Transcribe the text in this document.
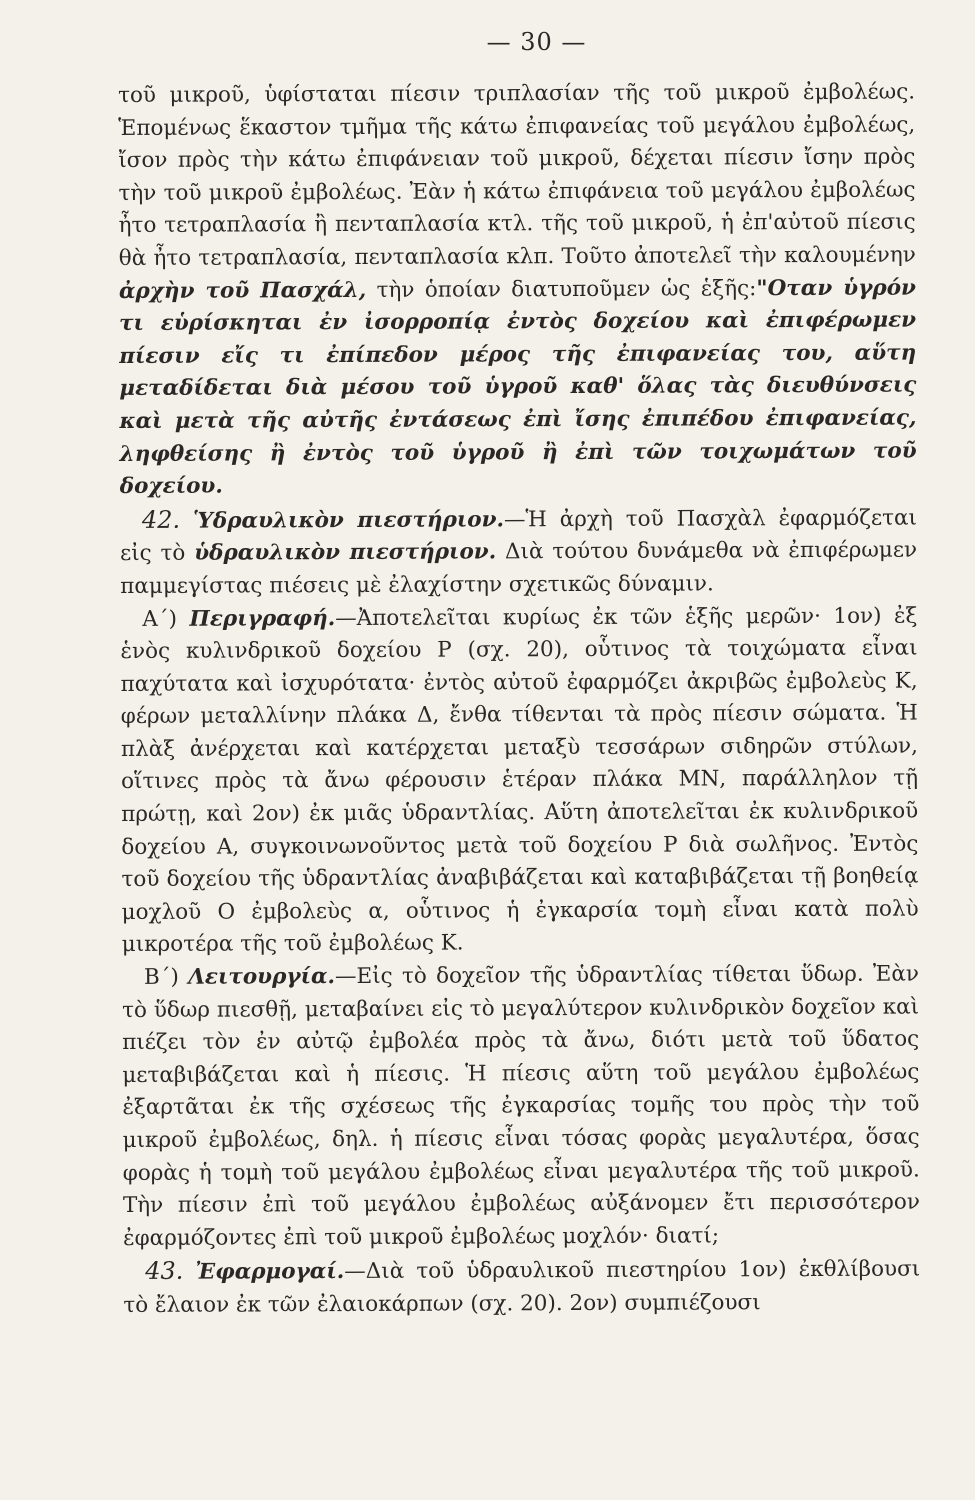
— 30 —

τοῦ μικροῦ, ὑφίσταται πίεσιν τριπλασίαν τῆς τοῦ μικροῦ ἐμβολέως. Ἑπομένως ἕκαστον τμῆμα τῆς κάτω ἐπιφανείας τοῦ μεγάλου ἐμβολέως, ἴσον πρὸς τὴν κάτω ἐπιφάνειαν τοῦ μικροῦ, δέχεται πίεσιν ἴσην πρὸς τὴν τοῦ μικροῦ ἐμβολέως. Ἐὰν ἡ κάτω ἐπιφάνεια τοῦ μεγάλου ἐμβολέως ἦτο τετραπλασία ἢ πενταπλασία κτλ. τῆς τοῦ μικροῦ, ἡ ἐπ'αὐτοῦ πίεσις θὰ ἦτο τετραπλασία, πενταπλασία κλπ. Τοῦτο ἀποτελεῖ τὴν καλουμένην ἀρχὴν τοῦ Πασχάλ, τὴν ὁποίαν διατυποῦμεν ὡς ἑξῆς:"Οταν ὑγρόν τι εὑρίσκηται ἐν ἰσορροπίᾳ ἐντὸς δοχείου καὶ ἐπιφέρωμεν πίεσιν εἴς τι ἐπίπεδον μέρος τῆς ἐπιφανείας του, αὕτη μεταδίδεται διὰ μέσου τοῦ ὑγροῦ καθ' ὅλας τὰς διευθύνσεις καὶ μετὰ τῆς αὐτῆς ἐντάσεως ἐπὶ ἴσης ἐπιπέδου ἐπιφανείας, ληφθείσης ἢ ἐντὸς τοῦ ὑγροῦ ἢ ἐπὶ τῶν τοιχωμάτων τοῦ δοχείου.

42. Ὑδραυλικὸν πιεστήριον.—Ἡ ἀρχὴ τοῦ Πασχὰλ ἐφαρμόζεται εἰς τὸ ὑδραυλικὸν πιεστήριον. Διὰ τούτου δυνάμεθα νὰ ἐπιφέρωμεν παμμεγίστας πιέσεις μὲ ἐλαχίστην σχετικῶς δύναμιν.

Α΄) Περιγραφή.—Ἀποτελεῖται κυρίως ἐκ τῶν ἑξῆς μερῶν· 1ον) ἐξ ἑνὸς κυλινδρικοῦ δοχείου Ρ (σχ. 20), οὗτινος τὰ τοιχώματα εἶναι παχύτατα καὶ ἰσχυρότατα· ἐντὸς αὐτοῦ ἐφαρμόζει ἀκριβῶς ἐμβολεὺς Κ, φέρων μεταλλίνην πλάκα Δ, ἔνθα τίθενται τὰ πρὸς πίεσιν σώματα. Ἡ πλὰξ ἀνέρχεται καὶ κατέρχεται μεταξὺ τεσσάρων σιδηρῶν στύλων, οἵτινες πρὸς τὰ ἄνω φέρουσιν ἑτέραν πλάκα ΜΝ, παράλληλον τῇ πρώτῃ, καὶ 2ον) ἐκ μιᾶς ὑδραντλίας. Αὕτη ἀποτελεῖται ἐκ κυλινδρικοῦ δοχείου Α, συγκοινωνοῦντος μετὰ τοῦ δοχείου Ρ διὰ σωλῆνος. Ἐντὸς τοῦ δοχείου τῆς ὑδραντλίας ἀναβιβάζεται καὶ καταβιβάζεται τῇ βοηθείᾳ μοχλοῦ Ο ἐμβολεὺς α, οὗτινος ἡ ἐγκαρσία τομὴ εἶναι κατὰ πολὺ μικροτέρα τῆς τοῦ ἐμβολέως Κ.

Β΄) Λειτουργία.—Εἰς τὸ δοχεῖον τῆς ὑδραντλίας τίθεται ὕδωρ. Ἐὰν τὸ ὕδωρ πιεσθῇ, μεταβαίνει εἰς τὸ μεγαλύτερον κυλινδρικὸν δοχεῖον καὶ πιέζει τὸν ἐν αὐτῷ ἐμβολέα πρὸς τὰ ἄνω, διότι μετὰ τοῦ ὕδατος μεταβιβάζεται καὶ ἡ πίεσις. Ἡ πίεσις αὕτη τοῦ μεγάλου ἐμβολέως ἐξαρτᾶται ἐκ τῆς σχέσεως τῆς ἐγκαρσίας τομῆς του πρὸς τὴν τοῦ μικροῦ ἐμβολέως, δηλ. ἡ πίεσις εἶναι τόσας φορὰς μεγαλυτέρα, ὅσας φορὰς ἡ τομὴ τοῦ μεγάλου ἐμβολέως εἶναι μεγαλυτέρα τῆς τοῦ μικροῦ. Τὴν πίεσιν ἐπὶ τοῦ μεγάλου ἐμβολέως αὐξάνομεν ἔτι περισσότερον ἐφαρμόζοντες ἐπὶ τοῦ μικροῦ ἐμβολέως μοχλόν· διατί;

43. Ἐφαρμογαί.—Διὰ τοῦ ὑδραυλικοῦ πιεστηρίου 1ον) ἐκθλίβουσι τὸ ἔλαιον ἐκ τῶν ἐλαιοκάρπων (σχ. 20). 2ον) συμπιέζουσι
